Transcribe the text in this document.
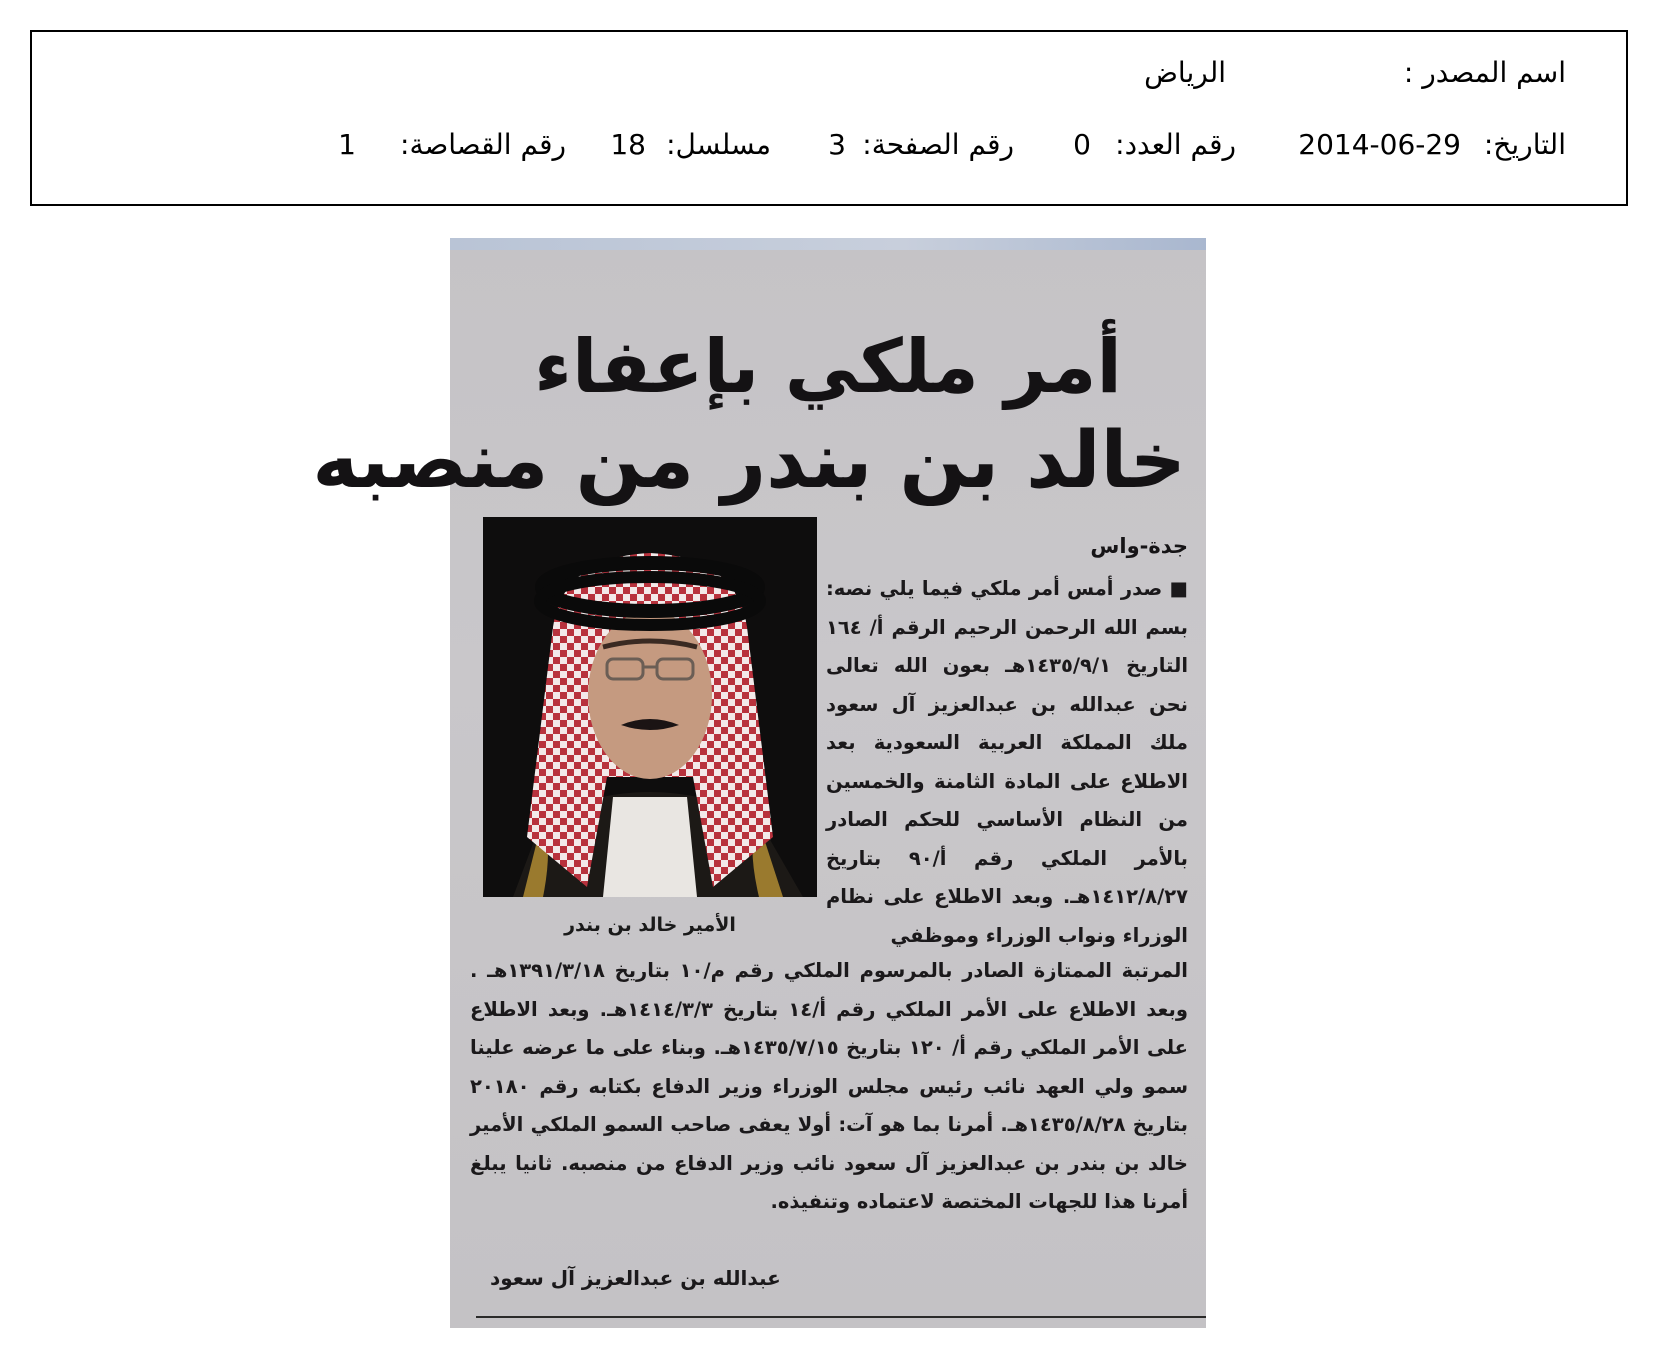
اسم المصدر :
الرياض
التاريخ:
2014-06-29
رقم العدد:
0
رقم الصفحة:
3
مسلسل:
18
رقم القصاصة:
1
أمر ملكي بإعفاء
خالد بن بندر من منصبه
الأمير خالد بن بندر
جدة-واس
■ صدر أمس أمر ملكي فيما يلي نصه: بسم الله الرحمن الرحيم الرقم أ/ ١٦٤ التاريخ ١٤٣٥/٩/١هـ بعون الله تعالى نحن عبدالله بن عبدالعزيز آل سعود ملك المملكة العربية السعودية بعد الاطلاع على المادة الثامنة والخمسين من النظام الأساسي للحكم الصادر بالأمر الملكي رقم أ/٩٠ بتاريخ ١٤١٢/٨/٢٧هـ. وبعد الاطلاع على نظام الوزراء ونواب الوزراء وموظفي
المرتبة الممتازة الصادر بالمرسوم الملكي رقم م/١٠ بتاريخ ١٣٩١/٣/١٨هـ . وبعد الاطلاع على الأمر الملكي رقم أ/١٤ بتاريخ ١٤١٤/٣/٣هـ. وبعد الاطلاع على الأمر الملكي رقم أ/ ١٢٠ بتاريخ ١٤٣٥/٧/١٥هـ. وبناء على ما عرضه علينا سمو ولي العهد نائب رئيس مجلس الوزراء وزير الدفاع بكتابه رقم ٢٠١٨٠ بتاريخ ١٤٣٥/٨/٢٨هـ. أمرنا بما هو آت: أولا يعفى صاحب السمو الملكي الأمير خالد بن بندر بن عبدالعزيز آل سعود نائب وزير الدفاع من منصبه. ثانيا يبلغ أمرنا هذا للجهات المختصة لاعتماده وتنفيذه.
عبدالله بن عبدالعزيز آل سعود
